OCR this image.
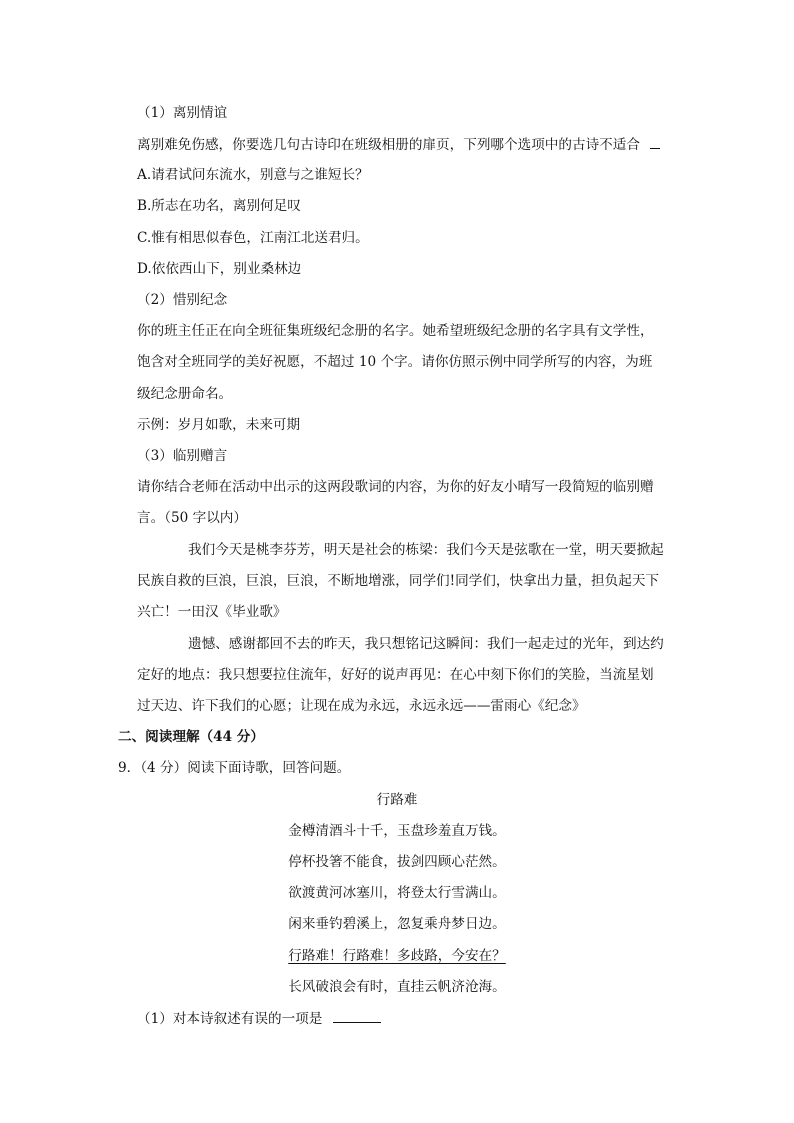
（1）离别情谊
离别难免伤感，你要选几句古诗印在班级相册的扉页，下列哪个选项中的古诗不适合
A.请君试问东流水，别意与之谁短长？
B.所志在功名，离别何足叹
C.惟有相思似春色，江南江北送君归。
D.依依西山下，别业桑林边
（2）惜别纪念
你的班主任正在向全班征集班级纪念册的名字。她希望班级纪念册的名字具有文学性，
饱含对全班同学的美好祝愿，不超过 10 个字。请你仿照示例中同学所写的内容，为班
级纪念册命名。
示例：岁月如歌，未来可期
（3）临别赠言
请你结合老师在活动中出示的这两段歌词的内容，为你的好友小晴写一段简短的临别赠
言。（50 字以内）
我们今天是桃李芬芳，明天是社会的栋梁：我们今天是弦歌在一堂，明天要掀起
民族自救的巨浪，巨浪，巨浪，不断地增涨，同学们!同学们，快拿出力量，担负起天下
兴亡！一田汉《毕业歌》
遗憾、感谢都回不去的昨天，我只想铭记这瞬间：我们一起走过的光年，到达约
定好的地点：我只想要拉住流年，好好的说声再见：在心中刻下你们的笑脸，当流星划
过天边、许下我们的心愿；让现在成为永远，永远永远——雷雨心《纪念》
二、阅读理解（44 分）
9．（4 分）阅读下面诗歌，回答问题。
行路难
金樽清酒斗十千，玉盘珍羞直万钱。
停杯投箸不能食，拔剑四顾心茫然。
欲渡黄河冰塞川，将登太行雪满山。
闲来垂钓碧溪上，忽复乘舟梦日边。
行路难！行路难！多歧路，今安在？
长风破浪会有时，直挂云帆济沧海。
（1）对本诗叙述有误的一项是
